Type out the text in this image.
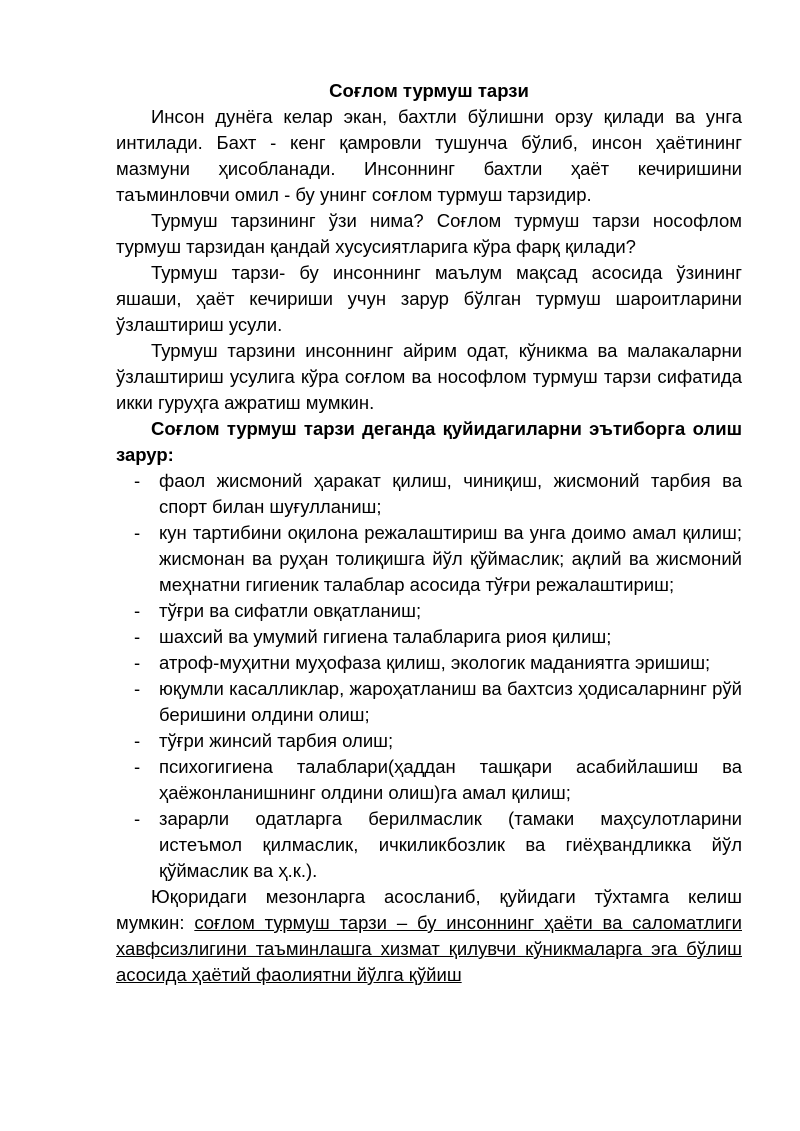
Соғлом турмуш тарзи

Инсон дунёга келар экан, бахтли бўлишни орзу қилади ва унга интилади. Бахт - кенг қамровли тушунча бўлиб, инсон ҳаётининг мазмуни ҳисобланади. Инсоннинг бахтли ҳаёт кечиришини таъминловчи омил - бу унинг соғлом турмуш тарзидир.

Турмуш тарзининг ўзи нима? Соғлом турмуш тарзи нософлом турмуш тарзидан қандай хусусиятларига кўра фарқ қилади?

Турмуш тарзи- бу инсоннинг маълум мақсад асосида ўзининг яшаши, ҳаёт кечириши учун зарур бўлган турмуш шароитларини ўзлаштириш усули.

Турмуш тарзини инсоннинг айрим одат, кўникма ва малакаларни ўзлаштириш усулига кўра соғлом ва нософлом турмуш тарзи сифатида икки гуруҳга ажратиш мумкин.

Соғлом турмуш тарзи деганда қуйидагиларни эътиборга олиш зарур:

- фаол жисмоний ҳаракат қилиш, чиниқиш, жисмоний тарбия ва спорт билан шуғулланиш;
- кун тартибини оқилона режалаштириш ва унга доимо амал қилиш; жисмонан ва руҳан толиқишга йўл қўймаслик; ақлий ва жисмоний меҳнатни гигиеник талаблар асосида тўғри режалаштириш;
- тўғри ва сифатли овқатланиш;
- шахсий ва умумий гигиена талабларига риоя қилиш;
- атроф-муҳитни муҳофаза қилиш, экологик маданиятга эришиш;
- юқумли касалликлар, жароҳатланиш ва бахтсиз ҳодисаларнинг рўй беришини олдини олиш;
- тўғри жинсий тарбия олиш;
- психогигиена талаблари(ҳаддан ташқари асабийлашиш ва ҳаёжонланишнинг олдини олиш)га амал қилиш;
- зарарли одатларга берилмаслик (тамаки маҳсулотларини истеъмол қилмаслик, ичкиликбозлик ва гиёҳвандликка йўл қўймаслик ва ҳ.к.).

Юқоридаги мезонларга асосланиб, қуйидаги тўхтамга келиш мумкин: соғлом турмуш тарзи – бу инсоннинг ҳаёти ва саломатлиги хавфсизлигини таъминлашга хизмат қилувчи кўникмаларга эга бўлиш асосида ҳаётий фаолиятни йўлга қўйиш
